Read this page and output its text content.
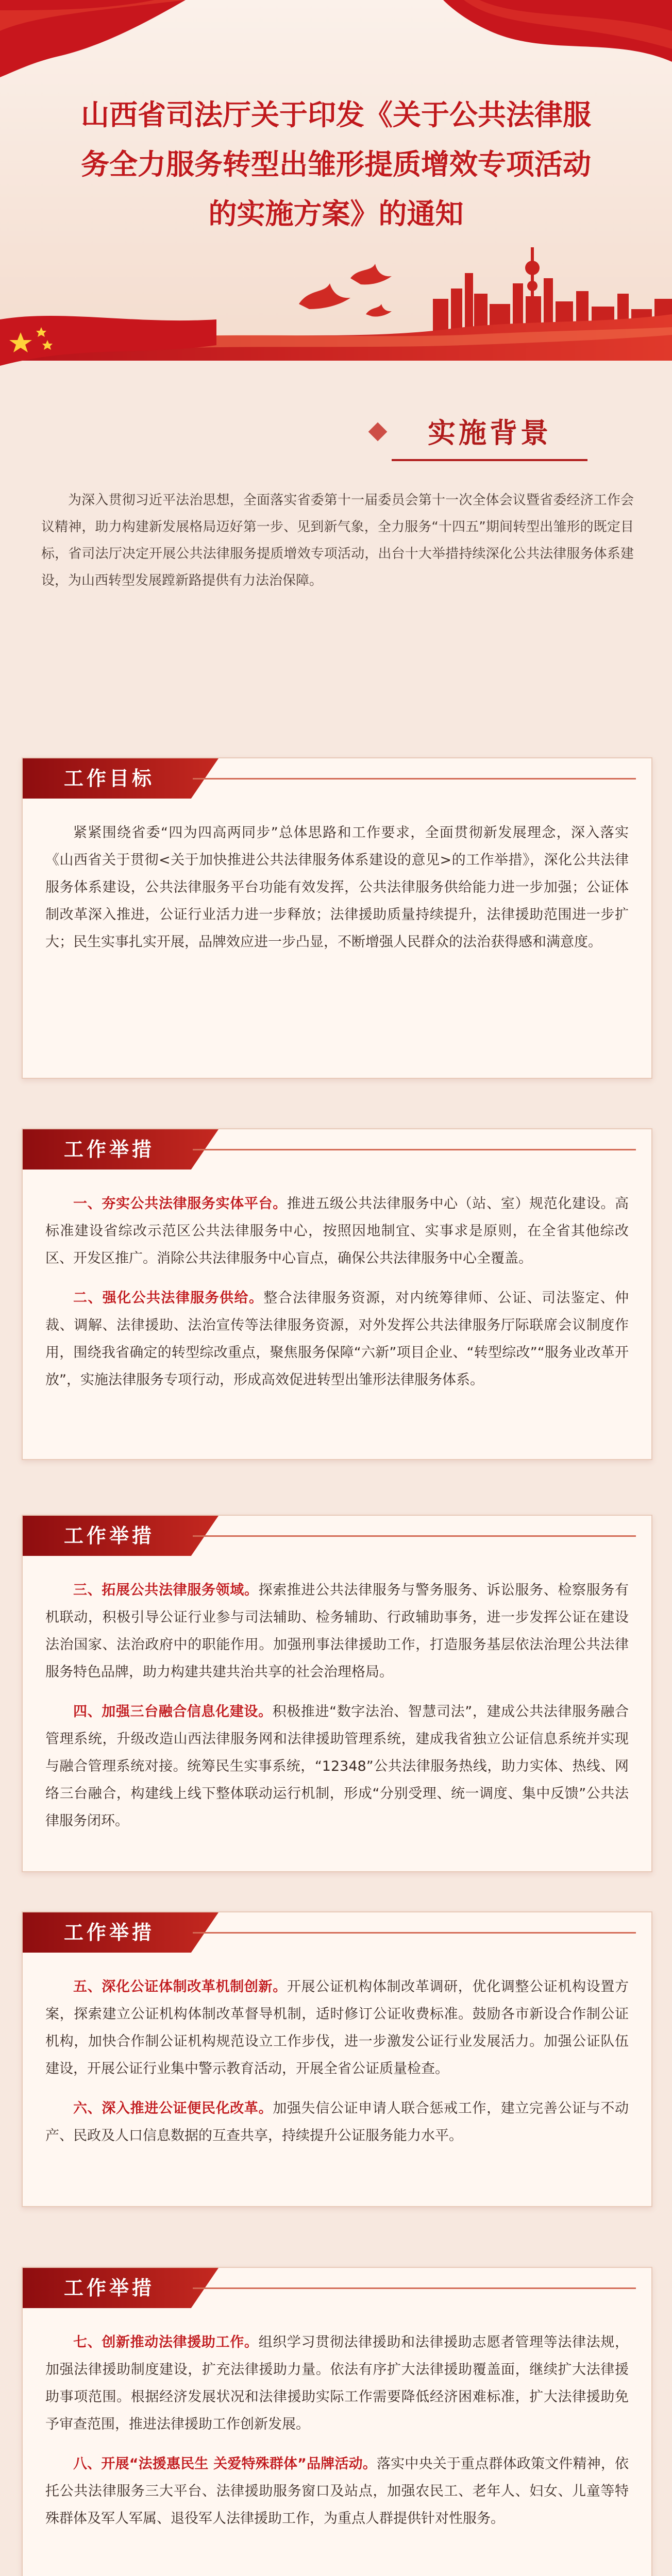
山西省司法厅关于印发《关于公共法律服
务全力服务转型出雏形提质增效专项活动
的实施方案》的通知
实施背景

为深入贯彻习近平法治思想，全面落实省委第十一届委员会第十一次全体会议暨省委经济工作会议精神，助力构建新发展格局迈好第一步、见到新气象，全力服务“十四五”期间转型出雏形的既定目标，省司法厅决定开展公共法律服务提质增效专项活动，出台十大举措持续深化公共法律服务体系建设，为山西转型发展蹚新路提供有力法治保障。

工作目标

紧紧围绕省委“四为四高两同步”总体思路和工作要求，全面贯彻新发展理念，深入落实《山西省关于贯彻<关于加快推进公共法律服务体系建设的意见>的工作举措》，深化公共法律服务体系建设，公共法律服务平台功能有效发挥，公共法律服务供给能力进一步加强；公证体制改革深入推进，公证行业活力进一步释放；法律援助质量持续提升，法律援助范围进一步扩大；民生实事扎实开展，品牌效应进一步凸显，不断增强人民群众的法治获得感和满意度。

工作举措

一、夯实公共法律服务实体平台。推进五级公共法律服务中心（站、室）规范化建设。高标准建设省综改示范区公共法律服务中心，按照因地制宜、实事求是原则，在全省其他综改区、开发区推广。消除公共法律服务中心盲点，确保公共法律服务中心全覆盖。

二、强化公共法律服务供给。整合法律服务资源，对内统筹律师、公证、司法鉴定、仲裁、调解、法律援助、法治宣传等法律服务资源，对外发挥公共法律服务厅际联席会议制度作用，围绕我省确定的转型综改重点，聚焦服务保障“六新”项目企业、“转型综改”“服务业改革开放”，实施法律服务专项行动，形成高效促进转型出雏形法律服务体系。

工作举措

三、拓展公共法律服务领域。探索推进公共法律服务与警务服务、诉讼服务、检察服务有机联动，积极引导公证行业参与司法辅助、检务辅助、行政辅助事务，进一步发挥公证在建设法治国家、法治政府中的职能作用。加强刑事法律援助工作，打造服务基层依法治理公共法律服务特色品牌，助力构建共建共治共享的社会治理格局。

四、加强三台融合信息化建设。积极推进“数字法治、智慧司法”，建成公共法律服务融合管理系统，升级改造山西法律服务网和法律援助管理系统，建成我省独立公证信息系统并实现与融合管理系统对接。统筹民生实事系统，“12348”公共法律服务热线，助力实体、热线、网络三台融合，构建线上线下整体联动运行机制，形成“分别受理、统一调度、集中反馈”公共法律服务闭环。

工作举措

五、深化公证体制改革机制创新。开展公证机构体制改革调研，优化调整公证机构设置方案，探索建立公证机构体制改革督导机制，适时修订公证收费标准。鼓励各市新设合作制公证机构，加快合作制公证机构规范设立工作步伐，进一步激发公证行业发展活力。加强公证队伍建设，开展公证行业集中警示教育活动，开展全省公证质量检查。

六、深入推进公证便民化改革。加强失信公证申请人联合惩戒工作，建立完善公证与不动产、民政及人口信息数据的互查共享，持续提升公证服务能力水平。

工作举措

七、创新推动法律援助工作。组织学习贯彻法律援助和法律援助志愿者管理等法律法规，加强法律援助制度建设，扩充法律援助力量。依法有序扩大法律援助覆盖面，继续扩大法律援助事项范围。根据经济发展状况和法律援助实际工作需要降低经济困难标准，扩大法律援助免予审查范围，推进法律援助工作创新发展。

八、开展“法援惠民生 关爱特殊群体”品牌活动。落实中央关于重点群体政策文件精神，依托公共法律服务三大平台、法律援助服务窗口及站点，加强农民工、老年人、妇女、儿童等特殊群体及军人军属、退役军人法律援助工作，为重点人群提供针对性服务。
